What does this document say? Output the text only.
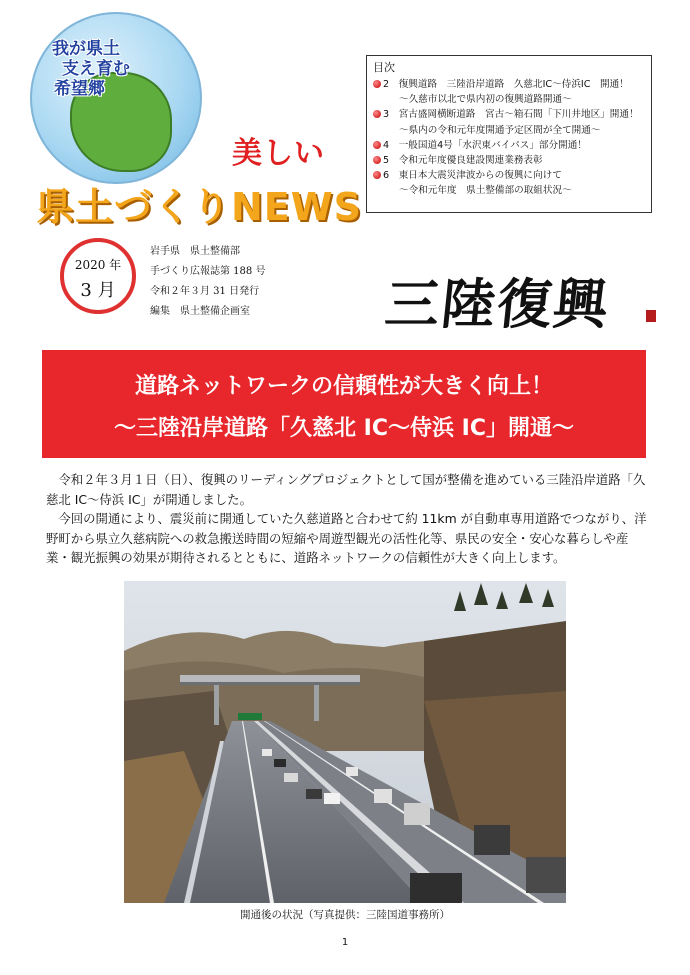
我が県土
支え育む
希望郷
美しい
県土づくりNEWS
目次
2　復興道路　三陸沿岸道路　久慈北IC～侍浜IC　開通！
～久慈市以北で県内初の復興道路開通～
3　宮古盛岡横断道路　宮古～箱石間「下川井地区」開通！
～県内の令和元年度開通予定区間が全て開通～
4　一般国道4号「水沢東バイパス」部分開通！
5　令和元年度優良建設関連業務表彰
6　東日本大震災津波からの復興に向けて
～令和元年度　県土整備部の取組状況～
2020 年
3 月
岩手県　県土整備部
手づくり広報誌第 188 号
令和２年３月 31 日発行
編集　県土整備企画室 三陸復興
道路ネットワークの信頼性が大きく向上！
～三陸沿岸道路「久慈北 IC～侍浜 IC」開通～

令和２年３月１日（日）、復興のリーディングプロジェクトとして国が整備を進めている三陸沿岸道路「久慈北 IC～侍浜 IC」が開通しました。

今回の開通により、震災前に開通していた久慈道路と合わせて約 11km が自動車専用道路でつながり、洋野町から県立久慈病院への救急搬送時間の短縮や周遊型観光の活性化等、県民の安全・安心な暮らしや産業・観光振興の効果が期待されるとともに、道路ネットワークの信頼性が大きく向上します。

開通後の状況（写真提供：三陸国道事務所）
1
